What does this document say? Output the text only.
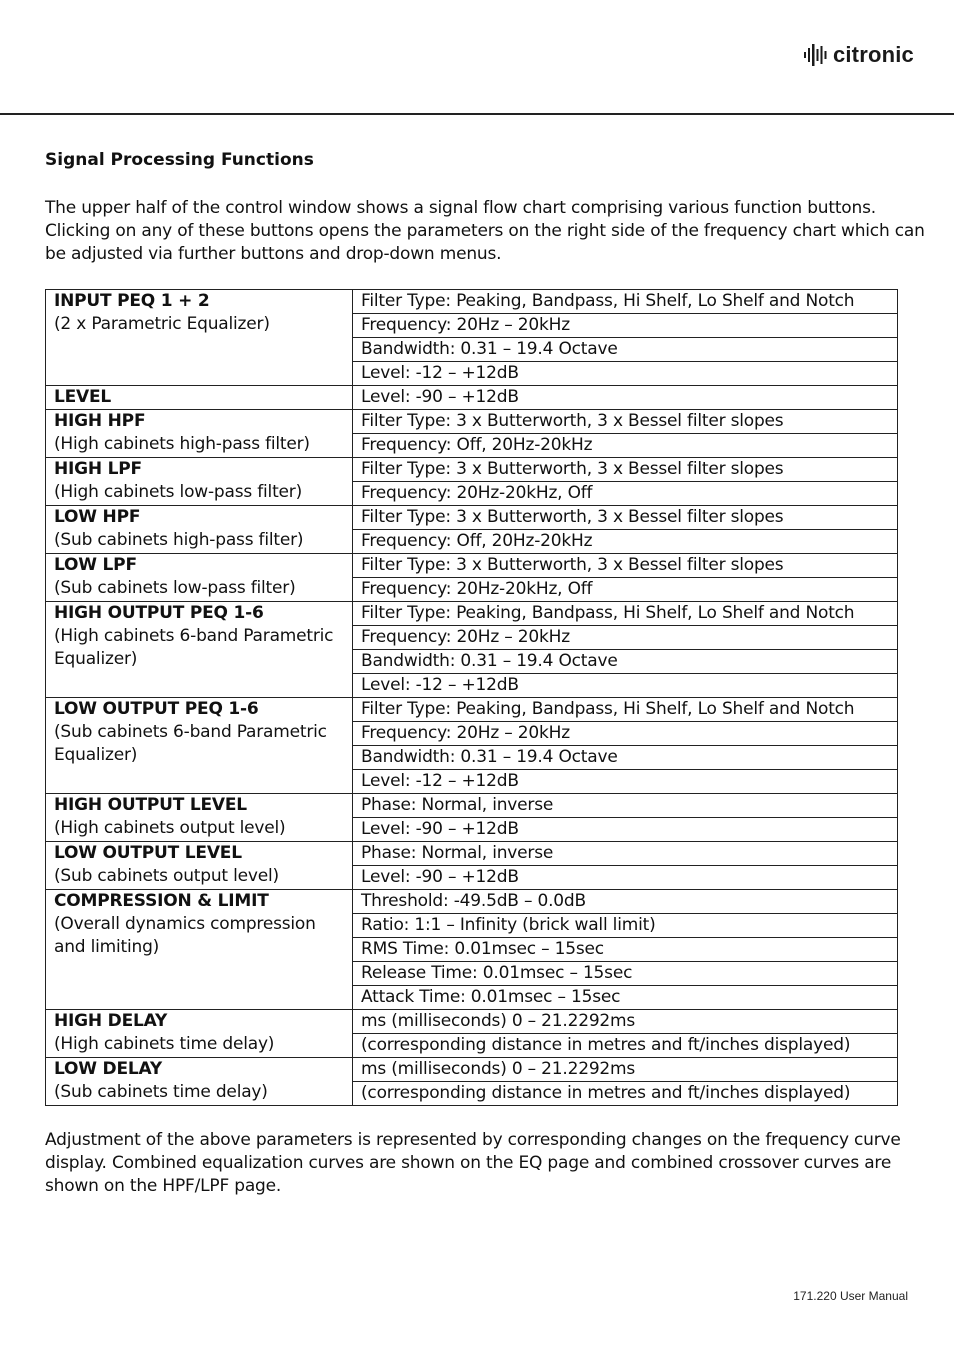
citronic
Signal Processing Functions

The upper half of the control window shows a signal flow chart comprising various function buttons. Clicking on any of these buttons opens the parameters on the right side of the frequency chart which can be adjusted via further buttons and drop-down menus.

INPUT PEQ 1 + 2
(2 x Parametric Equalizer)	Filter Type: Peaking, Bandpass, Hi Shelf, Lo Shelf and Notch
	Frequency: 20Hz – 20kHz
	Bandwidth: 0.31 – 19.4 Octave
	Level: -12 – +12dB

LEVEL	Level: -90 – +12dB

HIGH HPF
(High cabinets high-pass filter)	Filter Type: 3 x Butterworth, 3 x Bessel filter slopes
	Frequency: Off, 20Hz-20kHz

HIGH LPF
(High cabinets low-pass filter)	Filter Type: 3 x Butterworth, 3 x Bessel filter slopes
	Frequency: 20Hz-20kHz, Off

LOW HPF
(Sub cabinets high-pass filter)	Filter Type: 3 x Butterworth, 3 x Bessel filter slopes
	Frequency: Off, 20Hz-20kHz

LOW LPF
(Sub cabinets low-pass filter)	Filter Type: 3 x Butterworth, 3 x Bessel filter slopes
	Frequency: 20Hz-20kHz, Off

HIGH OUTPUT PEQ 1-6
(High cabinets 6-band Parametric Equalizer)	Filter Type: Peaking, Bandpass, Hi Shelf, Lo Shelf and Notch
	Frequency: 20Hz – 20kHz
	Bandwidth: 0.31 – 19.4 Octave
	Level: -12 – +12dB

LOW OUTPUT PEQ 1-6
(Sub cabinets 6-band Parametric Equalizer)	Filter Type: Peaking, Bandpass, Hi Shelf, Lo Shelf and Notch
	Frequency: 20Hz – 20kHz
	Bandwidth: 0.31 – 19.4 Octave
	Level: -12 – +12dB

HIGH OUTPUT LEVEL
(High cabinets output level)	Phase: Normal, inverse
	Level: -90 – +12dB

LOW OUTPUT LEVEL
(Sub cabinets output level)	Phase: Normal, inverse
	Level: -90 – +12dB

COMPRESSION & LIMIT
(Overall dynamics compression and limiting)	Threshold: -49.5dB – 0.0dB
	Ratio: 1:1 – Infinity (brick wall limit)
	RMS Time: 0.01msec – 15sec
	Release Time: 0.01msec – 15sec
	Attack Time: 0.01msec – 15sec

HIGH DELAY
(High cabinets time delay)	ms (milliseconds) 0 – 21.2292ms
	(corresponding distance in metres and ft/inches displayed)

LOW DELAY
(Sub cabinets time delay)	ms (milliseconds) 0 – 21.2292ms
	(corresponding distance in metres and ft/inches displayed)

Adjustment of the above parameters is represented by corresponding changes on the frequency curve display. Combined equalization curves are shown on the EQ page and combined crossover curves are shown on the HPF/LPF page.

171.220 User Manual
